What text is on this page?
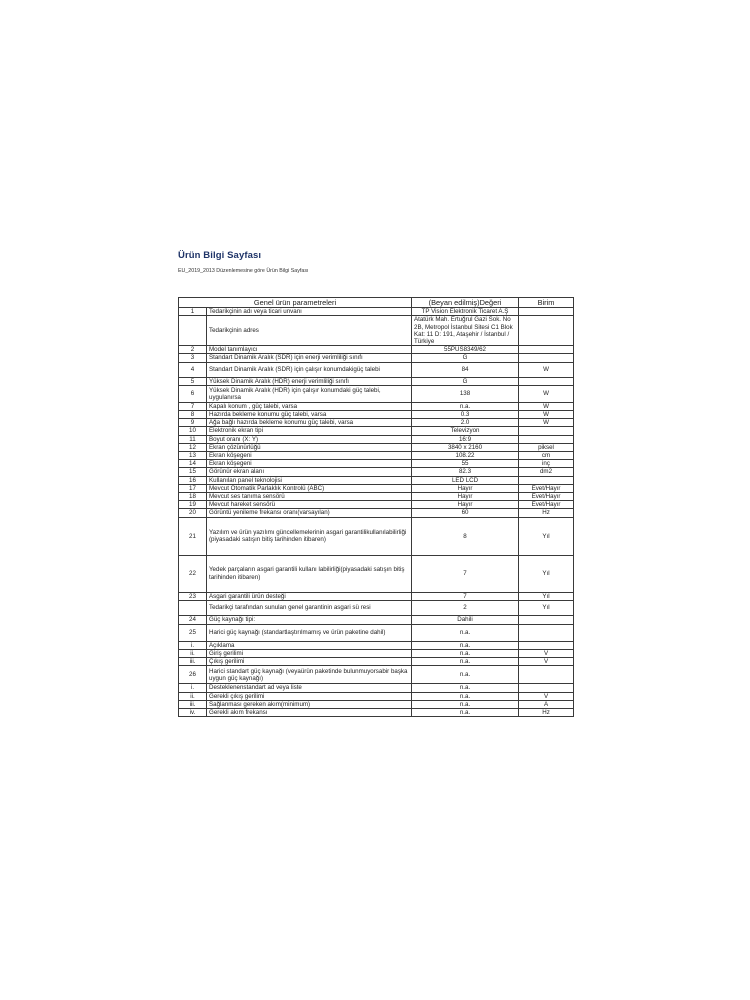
Ürün Bilgi Sayfası
EU_2019_2013 Düzenlemesine göre Ürün Bilgi Sayfası
Genel ürün parametreleri		(Beyan edilmiş)Değeri	Birim
1	Tedarikçinin adı veya ticari unvanı	TP Vision Elektronik Ticaret A.Ş	
	Tedarikçinin adres	Atatürk Mah. Ertuğrul Gazi Sok. No 2B, Metropol İstanbul Sitesi C1 Blok Kat: 11 D: 191, Ataşehir / İstanbul / Türkiye	
2	Model tanımlayıcı	55PUS8349/62	
3	Standart Dinamik Aralık (SDR) için enerji verimliliği sınıfı	G	
4	Standart Dinamik Aralık (SDR) için çalışır konumdakigüç talebi	84	W
5	Yüksek Dinamik Aralık (HDR) enerji verimliliği sınıfı	G	
6	Yüksek Dinamik Aralık (HDR) için çalışır konumdaki güç talebi, uygulanırsa	138	W
7	Kapalı konum , güç talebi, varsa	n.a.	W
8	Hazırda bekleme konumu güç talebi, varsa	0.3	W
9	Ağa bağlı hazırda bekleme konumu güç talebi, varsa	2.0	W
10	Elektronik ekran tipi	Televizyon	
11	Boyut oranı (X: Y)	16:9	
12	Ekran çözünürlüğü	3840 x 2160	piksel
13	Ekran köşegeni	108.22	cm
14	Ekran köşegeni	55	inç
15	Görünür ekran alanı	82.3	dm2
16	Kullanılan panel teknolojisi	LED LCD	
17	Mevcut Otomatik Parlaklık Kontrolü (ABC)	Hayır	Evet/Hayır
18	Mevcut ses tanıma sensörü	Hayır	Evet/Hayır
19	Mevcut hareket sensörü	Hayır	Evet/Hayır
20	Görüntü yenileme frekansı oranı(varsayılan)	60	Hz
21	Yazılım ve ürün yazılımı güncellemelerinin asgari garantilikullanılabilirliği (piyasadaki satışın bitiş tarihinden itibaren)	8	Yıl
22	Yedek parçaların asgari garantili kullanı labilirliği(piyasadaki satışın bitiş tarihinden itibaren)	7	Yıl
23	Asgari garantili ürün desteği	7	Yıl
	Tedarikçi tarafından sunulan genel garantinin asgari sü resi	2	Yıl
24	Güç kaynağı tipi:	Dahili	
25	Harici güç kaynağı (standartlaştırılmamış ve ürün paketine dahil)	n.a.	
i.	Açıklama	n.a.	
ii.	Giriş gerilimi	n.a.	V
iii.	Çıkış gerilimi	n.a.	V
26	Harici standart güç kaynağı (veyaürün paketinde bulunmuyorsabir başka uygun güç kaynağı)	n.a.	
i.	Desteklenenstandart ad veya liste	n.a.	
ii.	Gerekli çıkış gerilimi	n.a.	V
iii.	Sağlanması gereken akım(minimum)	n.a.	A
iv.	Gerekli akım frekansı	n.a.	Hz
